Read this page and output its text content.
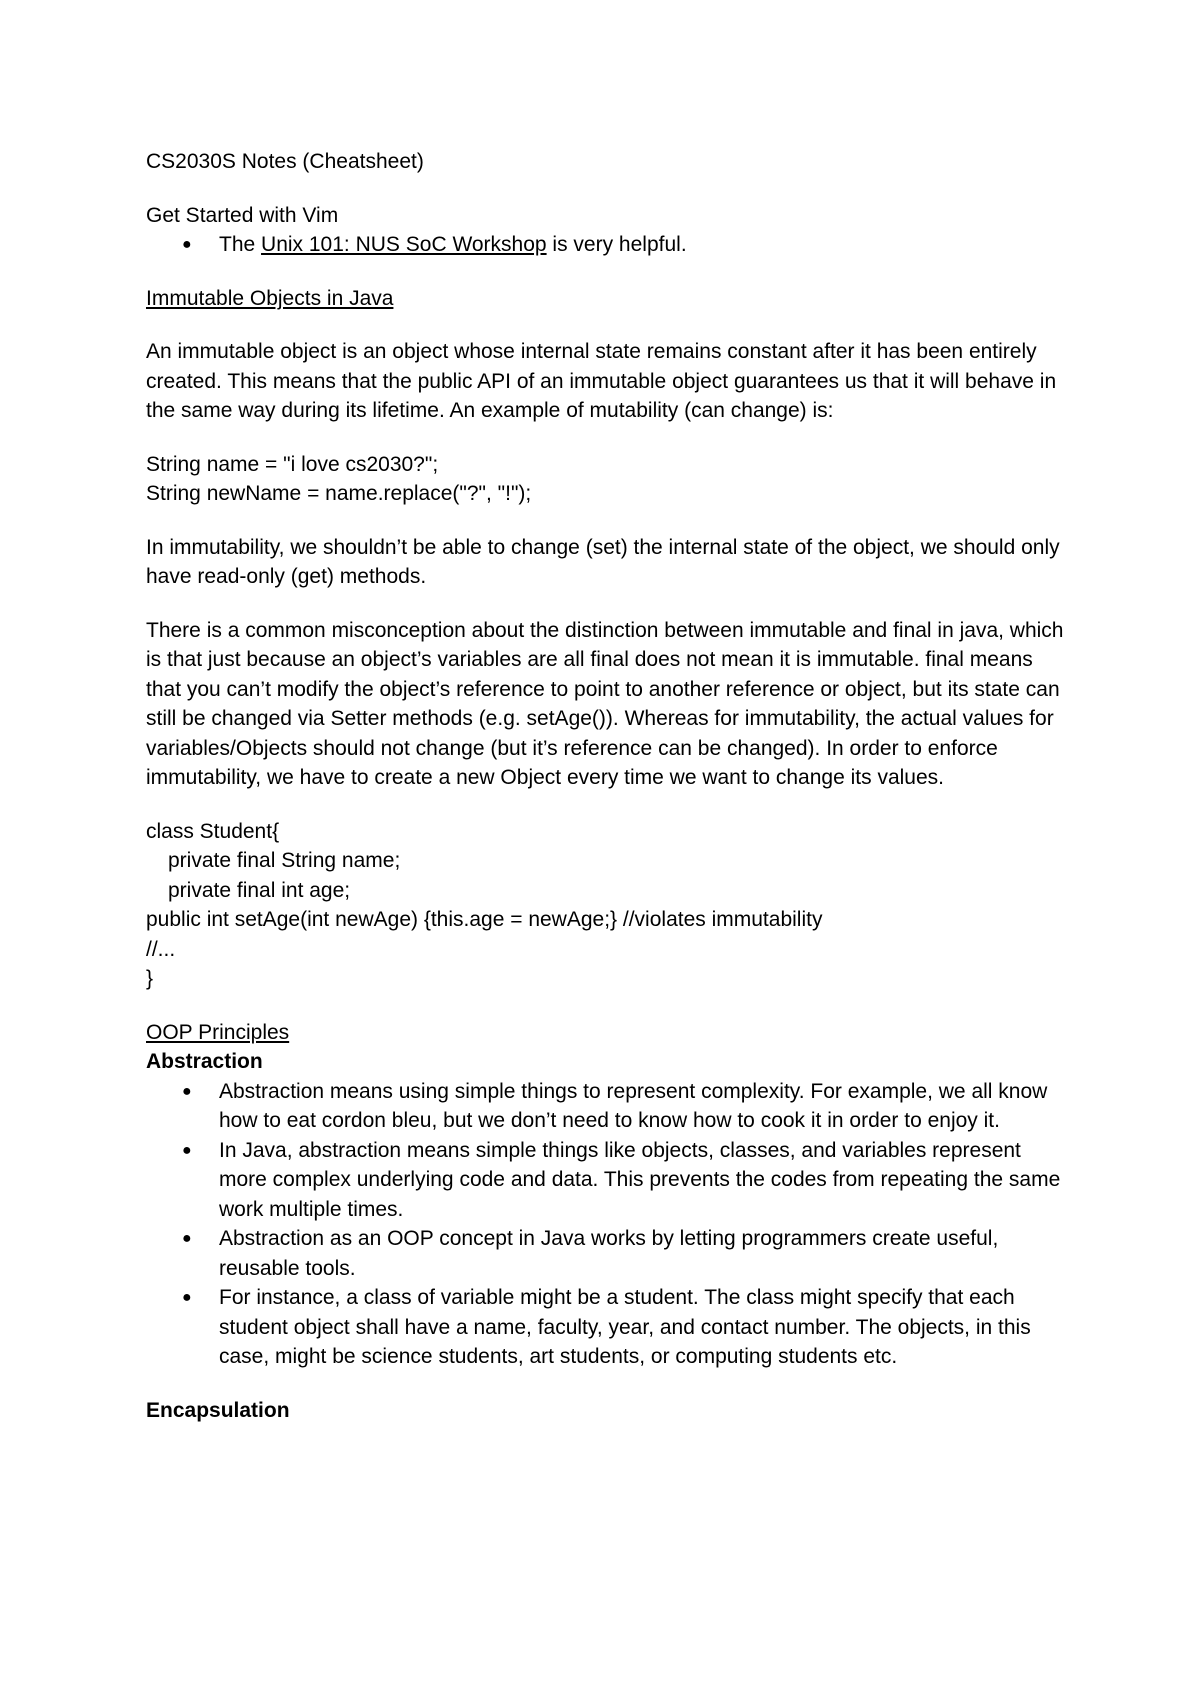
CS2030S Notes (Cheatsheet)

Get Started with Vim

● The Unix 101: NUS SoC Workshop is very helpful.

Immutable Objects in Java

An immutable object is an object whose internal state remains constant after it has been entirely created. This means that the public API of an immutable object guarantees us that it will behave in the same way during its lifetime. An example of mutability (can change) is:

String name = "i love cs2030?";

String newName = name.replace("?", "!");

In immutability, we shouldn’t be able to change (set) the internal state of the object, we should only have read-only (get) methods.

There is a common misconception about the distinction between immutable and final in java, which is that just because an object’s variables are all final does not mean it is immutable. final means that you can’t modify the object’s reference to point to another reference or object, but its state can still be changed via Setter methods (e.g. setAge()). Whereas for immutability, the actual values for variables/Objects should not change (but it’s reference can be changed). In order to enforce immutability, we have to create a new Object every time we want to change its values.

class Student{

private final String name;

private final int age;

public int setAge(int newAge) {this.age = newAge;} //violates immutability

//...

}

OOP Principles

Abstraction

● Abstraction means using simple things to represent complexity. For example, we all know how to eat cordon bleu, but we don’t need to know how to cook it in order to enjoy it.
● In Java, abstraction means simple things like objects, classes, and variables represent more complex underlying code and data. This prevents the codes from repeating the same work multiple times.
● Abstraction as an OOP concept in Java works by letting programmers create useful, reusable tools.
● For instance, a class of variable might be a student. The class might specify that each student object shall have a name, faculty, year, and contact number. The objects, in this case, might be science students, art students, or computing students etc.

Encapsulation
